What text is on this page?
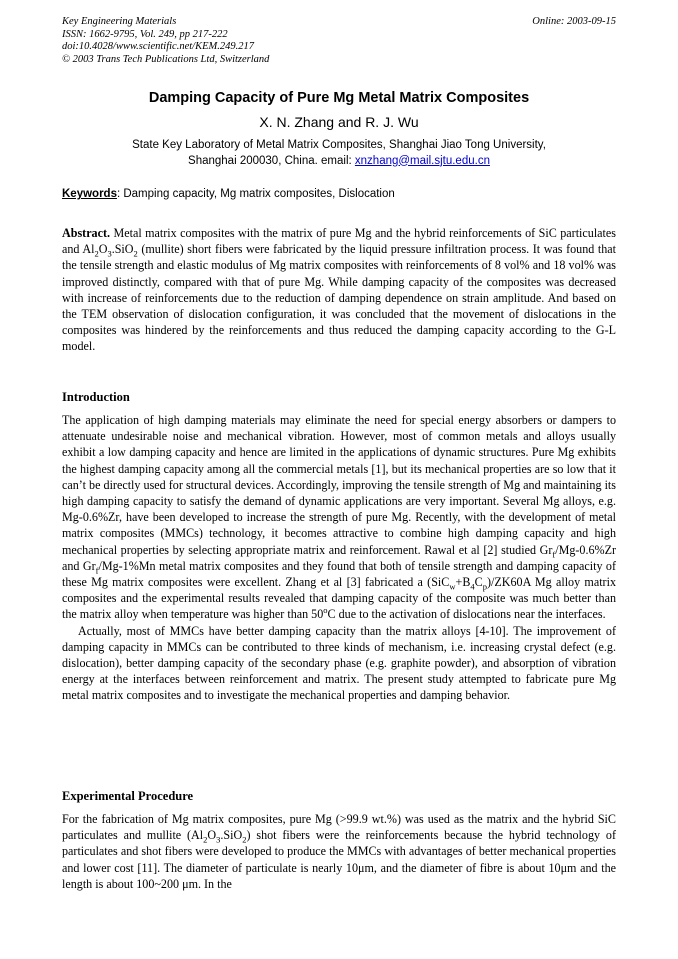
Key Engineering Materials
ISSN: 1662-9795, Vol. 249, pp 217-222
doi:10.4028/www.scientific.net/KEM.249.217
© 2003 Trans Tech Publications Ltd, Switzerland
Online: 2003-09-15
Damping Capacity of Pure Mg Metal Matrix Composites
X. N. Zhang and R. J. Wu
State Key Laboratory of Metal Matrix Composites, Shanghai Jiao Tong University,
Shanghai 200030, China. email: xnzhang@mail.sjtu.edu.cn
Keywords: Damping capacity, Mg matrix composites, Dislocation
Abstract. Metal matrix composites with the matrix of pure Mg and the hybrid reinforcements of SiC particulates and $Al_2O_3.SiO_2$ (mullite) short fibers were fabricated by the liquid pressure infiltration process. It was found that the tensile strength and elastic modulus of Mg matrix composites with reinforcements of 8 vol% and 18 vol% was improved distinctly, compared with that of pure Mg. While damping capacity of the composites was decreased with increase of reinforcements due to the reduction of damping dependence on strain amplitude. And based on the TEM observation of dislocation configuration, it was concluded that the movement of dislocations in the composites was hindered by the reinforcements and thus reduced the damping capacity according to the G-L model.
Introduction

The application of high damping materials may eliminate the need for special energy absorbers or dampers to attenuate undesirable noise and mechanical vibration. However, most of common metals and alloys usually exhibit a low damping capacity and hence are limited in the applications of dynamic structures. Pure Mg exhibits the highest damping capacity among all the commercial metals [1], but its mechanical properties are so low that it can’t be directly used for structural devices. Accordingly, improving the tensile strength of Mg and maintaining its high damping capacity to satisfy the demand of dynamic applications are very important. Several Mg alloys, e.g. Mg-0.6%Zr, have been developed to increase the strength of pure Mg. Recently, with the development of metal matrix composites (MMCs) technology, it becomes attractive to combine high damping capacity and high mechanical properties by selecting appropriate matrix and reinforcement. Rawal et al [2] studied $Gr_f/Mg-0.6\%Zr$ and $Gr_f/Mg-1\%Mn$ metal matrix composites and they found that both of tensile strength and damping capacity of these Mg matrix composites were excellent. Zhang et al [3] fabricated a $(SiC_w+B_4C_p)/ZK60A$ Mg alloy matrix composites and the experimental results revealed that damping capacity of the composite was much better than the matrix alloy when temperature was higher than 50$^o$C due to the activation of dislocations near the interfaces.

Actually, most of MMCs have better damping capacity than the matrix alloys [4-10]. The improvement of damping capacity in MMCs can be contributed to three kinds of mechanism, i.e. increasing crystal defect (e.g. dislocation), better damping capacity of the secondary phase (e.g. graphite powder), and absorption of vibration energy at the interfaces between reinforcement and matrix. The present study attempted to fabricate pure Mg metal matrix composites and to investigate the mechanical properties and damping behavior.

Experimental Procedure

For the fabrication of Mg matrix composites, pure Mg (>99.9 wt.%) was used as the matrix and the hybrid SiC particulates and mullite $(Al_2O_3.SiO_2)$ shot fibers were the reinforcements because the hybrid technology of particulates and shot fibers were developed to produce the MMCs with advantages of better mechanical properties and lower cost [11]. The diameter of particulate is nearly 10μm, and the diameter of fibre is about 10μm and the length is about 100~200 μm. In the
